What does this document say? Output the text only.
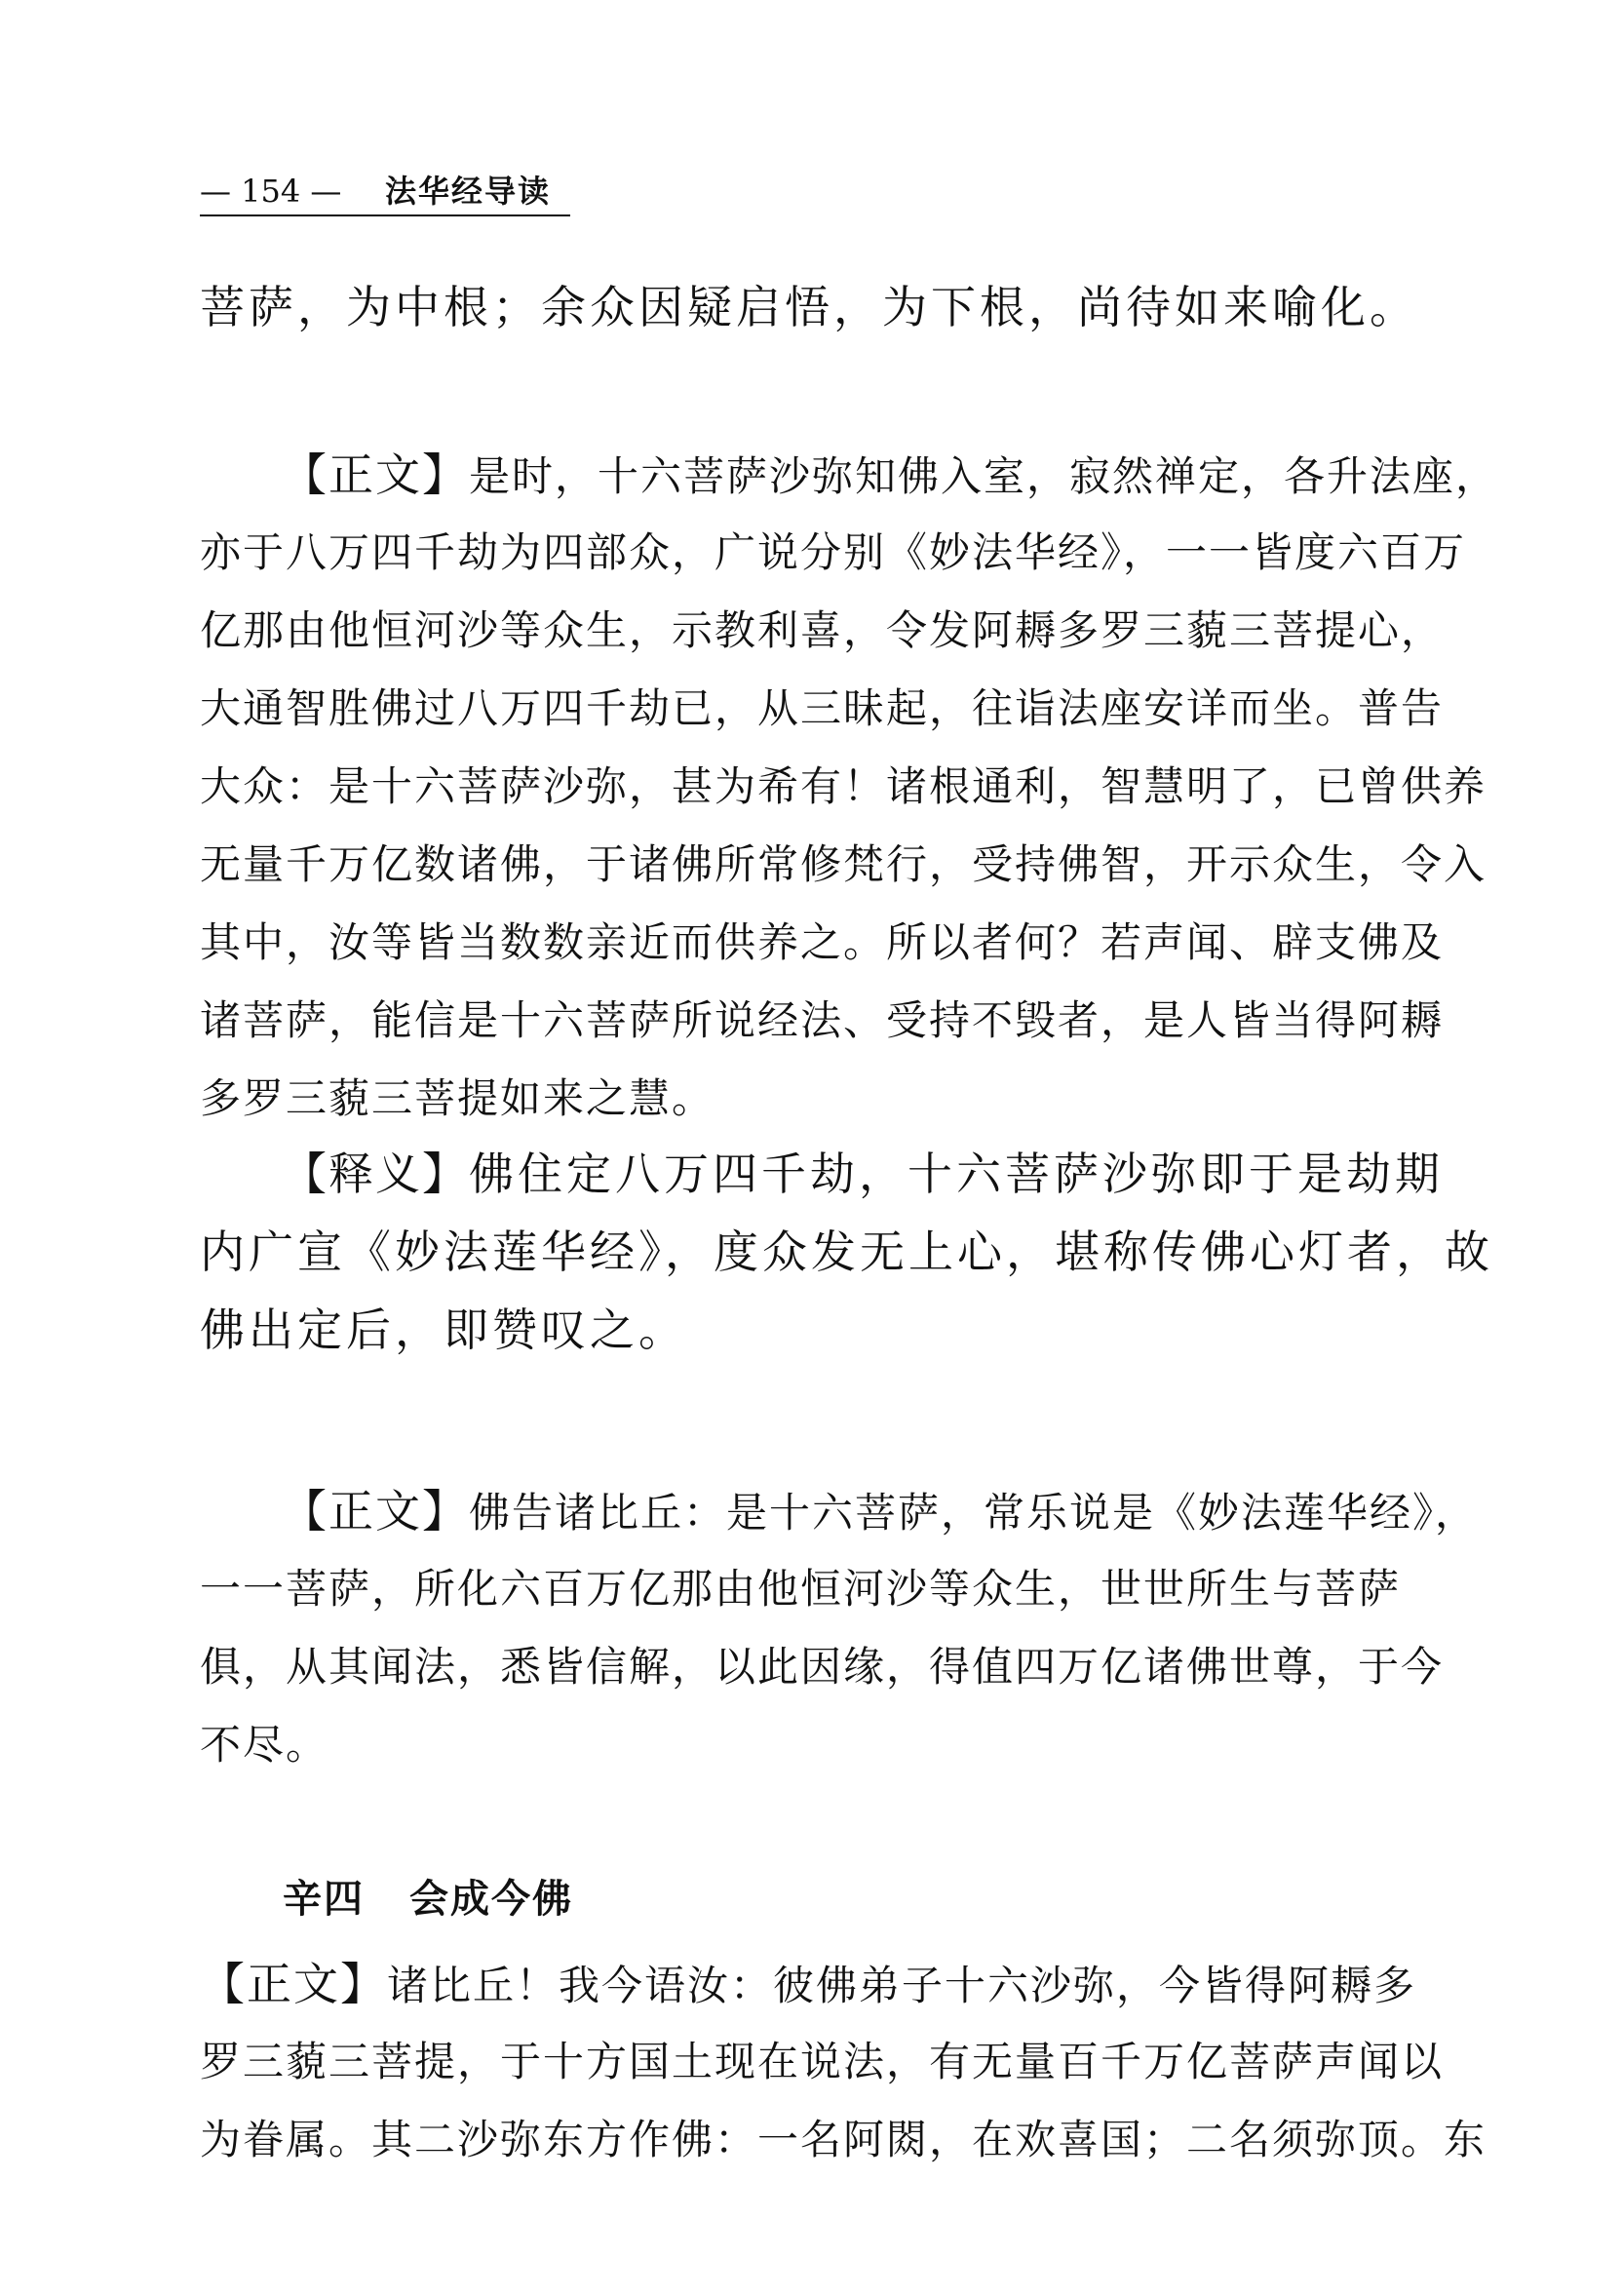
— 154 —	法华经导读
菩萨，为中根；余众因疑启悟，为下根，尚待如来喻化。
【正文】是时，十六菩萨沙弥知佛入室，寂然禅定，各升法座，
亦于八万四千劫为四部众，广说分别《妙法华经》，一一皆度六百万
亿那由他恒河沙等众生，示教利喜，令发阿耨多罗三藐三菩提心，
大通智胜佛过八万四千劫已，从三昧起，往诣法座安详而坐。普告
大众：是十六菩萨沙弥，甚为希有！诸根通利，智慧明了，已曾供养
无量千万亿数诸佛，于诸佛所常修梵行，受持佛智，开示众生，令入
其中，汝等皆当数数亲近而供养之。所以者何？若声闻、辟支佛及
诸菩萨，能信是十六菩萨所说经法、受持不毁者，是人皆当得阿耨
多罗三藐三菩提如来之慧。
【释义】佛住定八万四千劫，十六菩萨沙弥即于是劫期
内广宣《妙法莲华经》，度众发无上心，堪称传佛心灯者，故
佛出定后，即赞叹之。
【正文】佛告诸比丘：是十六菩萨，常乐说是《妙法莲华经》，
一一菩萨，所化六百万亿那由他恒河沙等众生，世世所生与菩萨
俱，从其闻法，悉皆信解，以此因缘，得值四万亿诸佛世尊，于今
不尽。
辛四 会成今佛
【正文】诸比丘！我今语汝：彼佛弟子十六沙弥，今皆得阿耨多
罗三藐三菩提，于十方国土现在说法，有无量百千万亿菩萨声闻以
为眷属。其二沙弥东方作佛：一名阿閦，在欢喜国；二名须弥顶。东
